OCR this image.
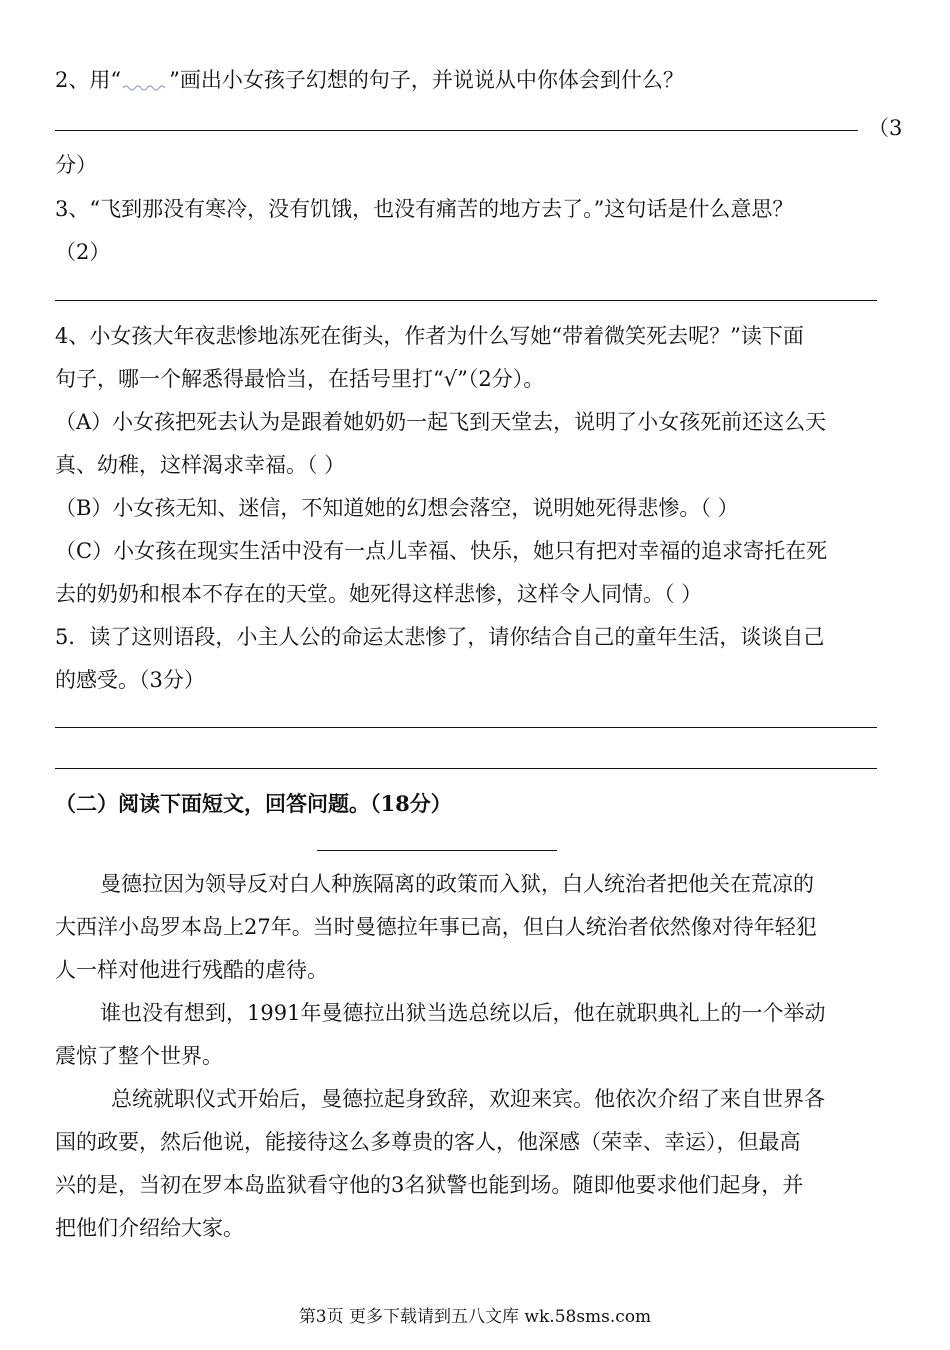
2、用“ ”画出小女孩子幻想的句子，并说说从中你体会到什么？
（3
分）
3、“飞到那没有寒冷，没有饥饿，也没有痛苦的地方去了。”这句话是什么意思？
（2）
4、小女孩大年夜悲惨地冻死在街头，作者为什么写她“带着微笑死去呢？”读下面
句子，哪一个解悉得最恰当，在括号里打“√”（2分）。
（A）小女孩把死去认为是跟着她奶奶一起飞到天堂去，说明了小女孩死前还这么天
真、幼稚，这样渴求幸福。（ ）
（B）小女孩无知、迷信，不知道她的幻想会落空，说明她死得悲惨。（ ）
（C）小女孩在现实生活中没有一点儿幸福、快乐，她只有把对幸福的追求寄托在死
去的奶奶和根本不存在的天堂。她死得这样悲惨，这样令人同情。（ ）
5．读了这则语段，小主人公的命运太悲惨了，请你结合自己的童年生活，谈谈自己
的感受。（3分）
（二）阅读下面短文，回答问题。（18分）
曼德拉因为领导反对白人种族隔离的政策而入狱，白人统治者把他关在荒凉的
大西洋小岛罗本岛上27年。当时曼德拉年事已高，但白人统治者依然像对待年轻犯
人一样对他进行残酷的虐待。
谁也没有想到，1991年曼德拉出狱当选总统以后，他在就职典礼上的一个举动
震惊了整个世界。
总统就职仪式开始后，曼德拉起身致辞，欢迎来宾。他依次介绍了来自世界各
国的政要，然后他说，能接待这么多尊贵的客人，他深感（荣幸、幸运），但最高
兴的是，当初在罗本岛监狱看守他的3名狱警也能到场。随即他要求他们起身，并
把他们介绍给大家。
第3页 更多下载请到五八文库 wk.58sms.com
